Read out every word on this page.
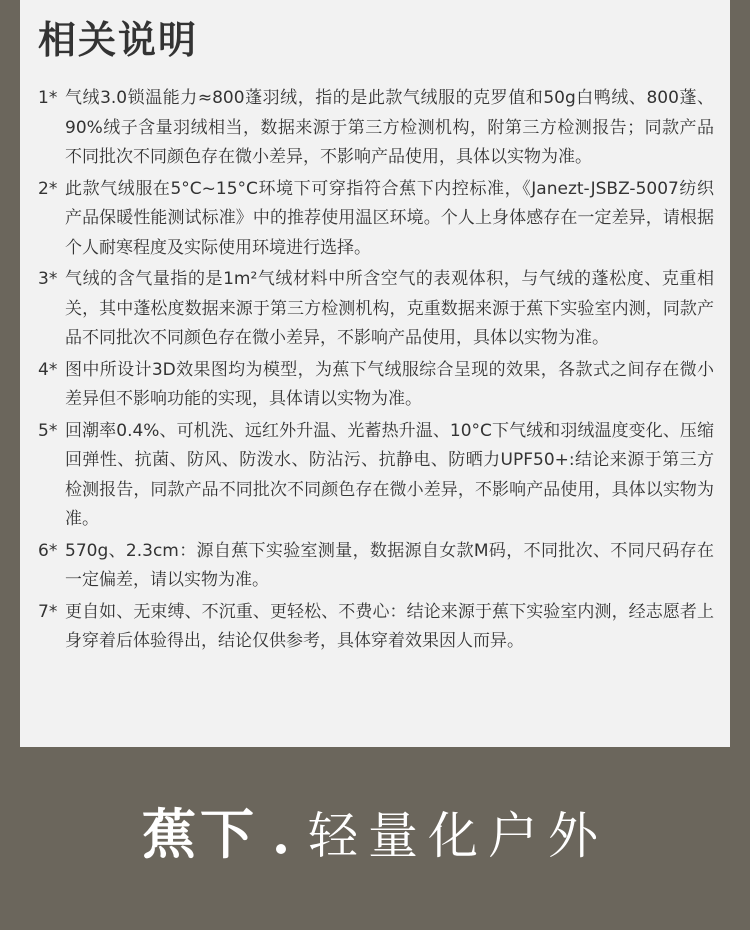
相关说明
1* 气绒3.0锁温能力≈800蓬羽绒，指的是此款气绒服的克罗值和50g白鸭绒、800蓬、90%绒子含量羽绒相当，数据来源于第三方检测机构，附第三方检测报告；同款产品不同批次不同颜色存在微小差异，不影响产品使用，具体以实物为准。
2* 此款气绒服在5°C~15°C环境下可穿指符合蕉下内控标准，《Janezt-JSBZ-5007纺织产品保暖性能测试标准》中的推荐使用温区环境。个人上身体感存在一定差异，请根据个人耐寒程度及实际使用环境进行选择。
3* 气绒的含气量指的是1m²气绒材料中所含空气的表观体积，与气绒的蓬松度、克重相关，其中蓬松度数据来源于第三方检测机构，克重数据来源于蕉下实验室内测，同款产品不同批次不同颜色存在微小差异，不影响产品使用，具体以实物为准。
4* 图中所设计3D效果图均为模型，为蕉下气绒服综合呈现的效果，各款式之间存在微小差异但不影响功能的实现，具体请以实物为准。
5* 回潮率0.4%、可机洗、远红外升温、光蓄热升温、10°C下气绒和羽绒温度变化、压缩回弹性、抗菌、防风、防泼水、防沾污、抗静电、防晒力UPF50+:结论来源于第三方检测报告，同款产品不同批次不同颜色存在微小差异，不影响产品使用，具体以实物为准。
6* 570g、2.3cm：源自蕉下实验室测量，数据源自女款M码，不同批次、不同尺码存在一定偏差，请以实物为准。
7* 更自如、无束缚、不沉重、更轻松、不费心：结论来源于蕉下实验室内测，经志愿者上身穿着后体验得出，结论仅供参考，具体穿着效果因人而异。
蕉下 轻量化户外
